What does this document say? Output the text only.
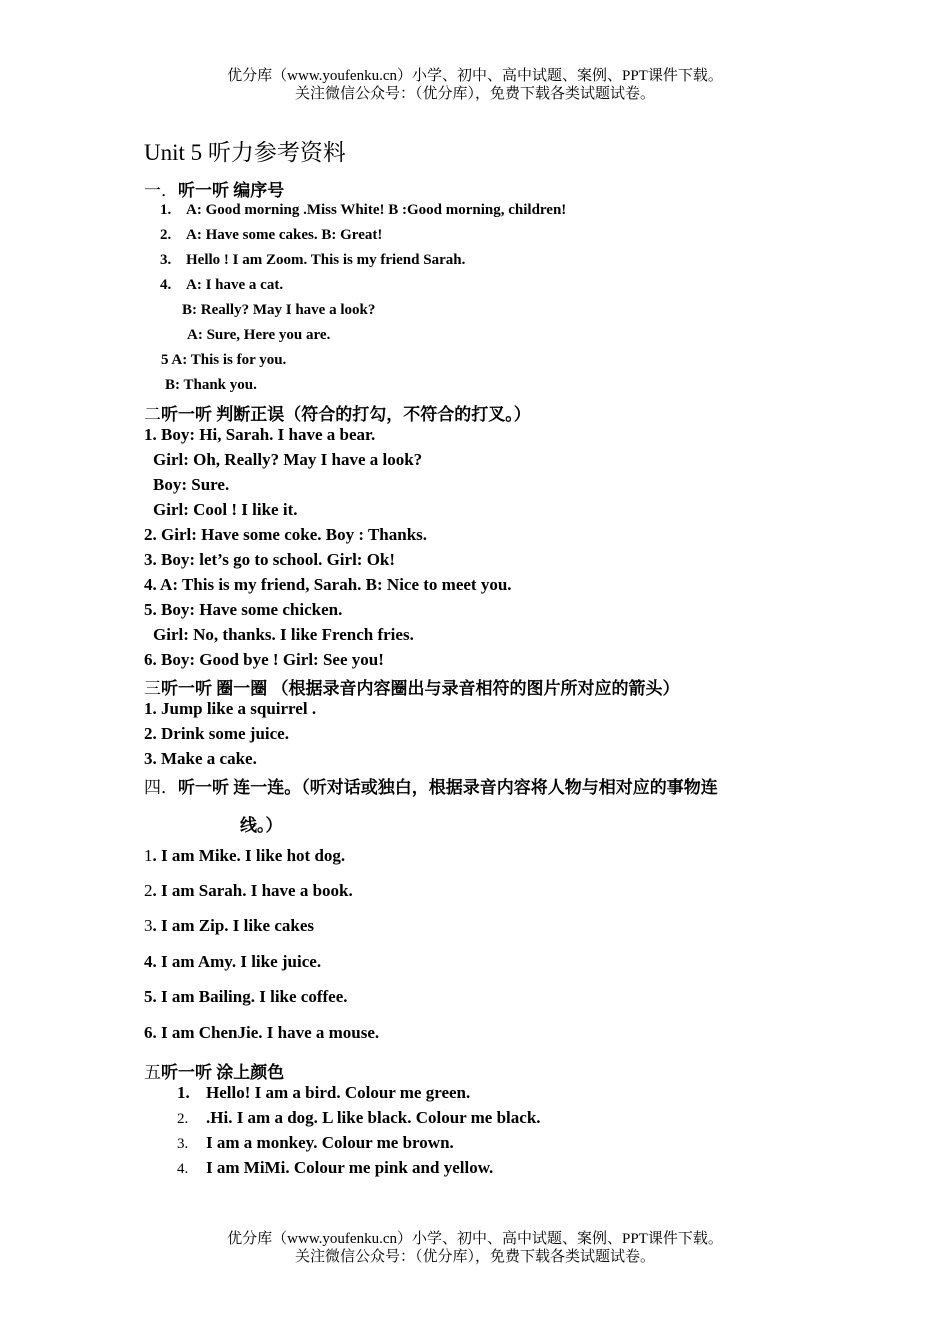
优分库（www.youfenku.cn）小学、初中、高中试题、案例、PPT课件下载。
关注微信公众号：（优分库），免费下载各类试题试卷。
Unit 5 听力参考资料
一．听一听 编序号
1. A: Good morning .Miss White! B :Good morning, children!
2. A: Have some cakes. B: Great!
3. Hello ! I am Zoom. This is my friend Sarah.
4. A: I have a cat.
B: Really? May I have a look?
A: Sure, Here you are.
5 A: This is for you.
B: Thank you.
二听一听 判断正误（符合的打勾，不符合的打叉。）
1. Boy: Hi, Sarah. I have a bear.
Girl: Oh, Really? May I have a look?
Boy: Sure.
Girl: Cool ! I like it.
2. Girl: Have some coke. Boy : Thanks.
3. Boy: let’s go to school. Girl: Ok!
4. A: This is my friend, Sarah. B: Nice to meet you.
5. Boy: Have some chicken.
Girl: No, thanks. I like French fries.
6. Boy: Good bye ! Girl: See you!
三听一听 圈一圈 （根据录音内容圈出与录音相符的图片所对应的箭头）
1. Jump like a squirrel .
2. Drink some juice.
3. Make a cake.
四．听一听 连一连。（听对话或独白，根据录音内容将人物与相对应的事物连
线。）
1. I am Mike. I like hot dog.
2. I am Sarah. I have a book.
3. I am Zip. I like cakes
4. I am Amy. I like juice.
5. I am Bailing. I like coffee.
6. I am ChenJie. I have a mouse.
五听一听 涂上颜色
1. Hello! I am a bird. Colour me green.
2. .Hi. I am a dog. L like black. Colour me black.
3. I am a monkey. Colour me brown.
4. I am MiMi. Colour me pink and yellow.
优分库（www.youfenku.cn）小学、初中、高中试题、案例、PPT课件下载。
关注微信公众号：（优分库），免费下载各类试题试卷。
